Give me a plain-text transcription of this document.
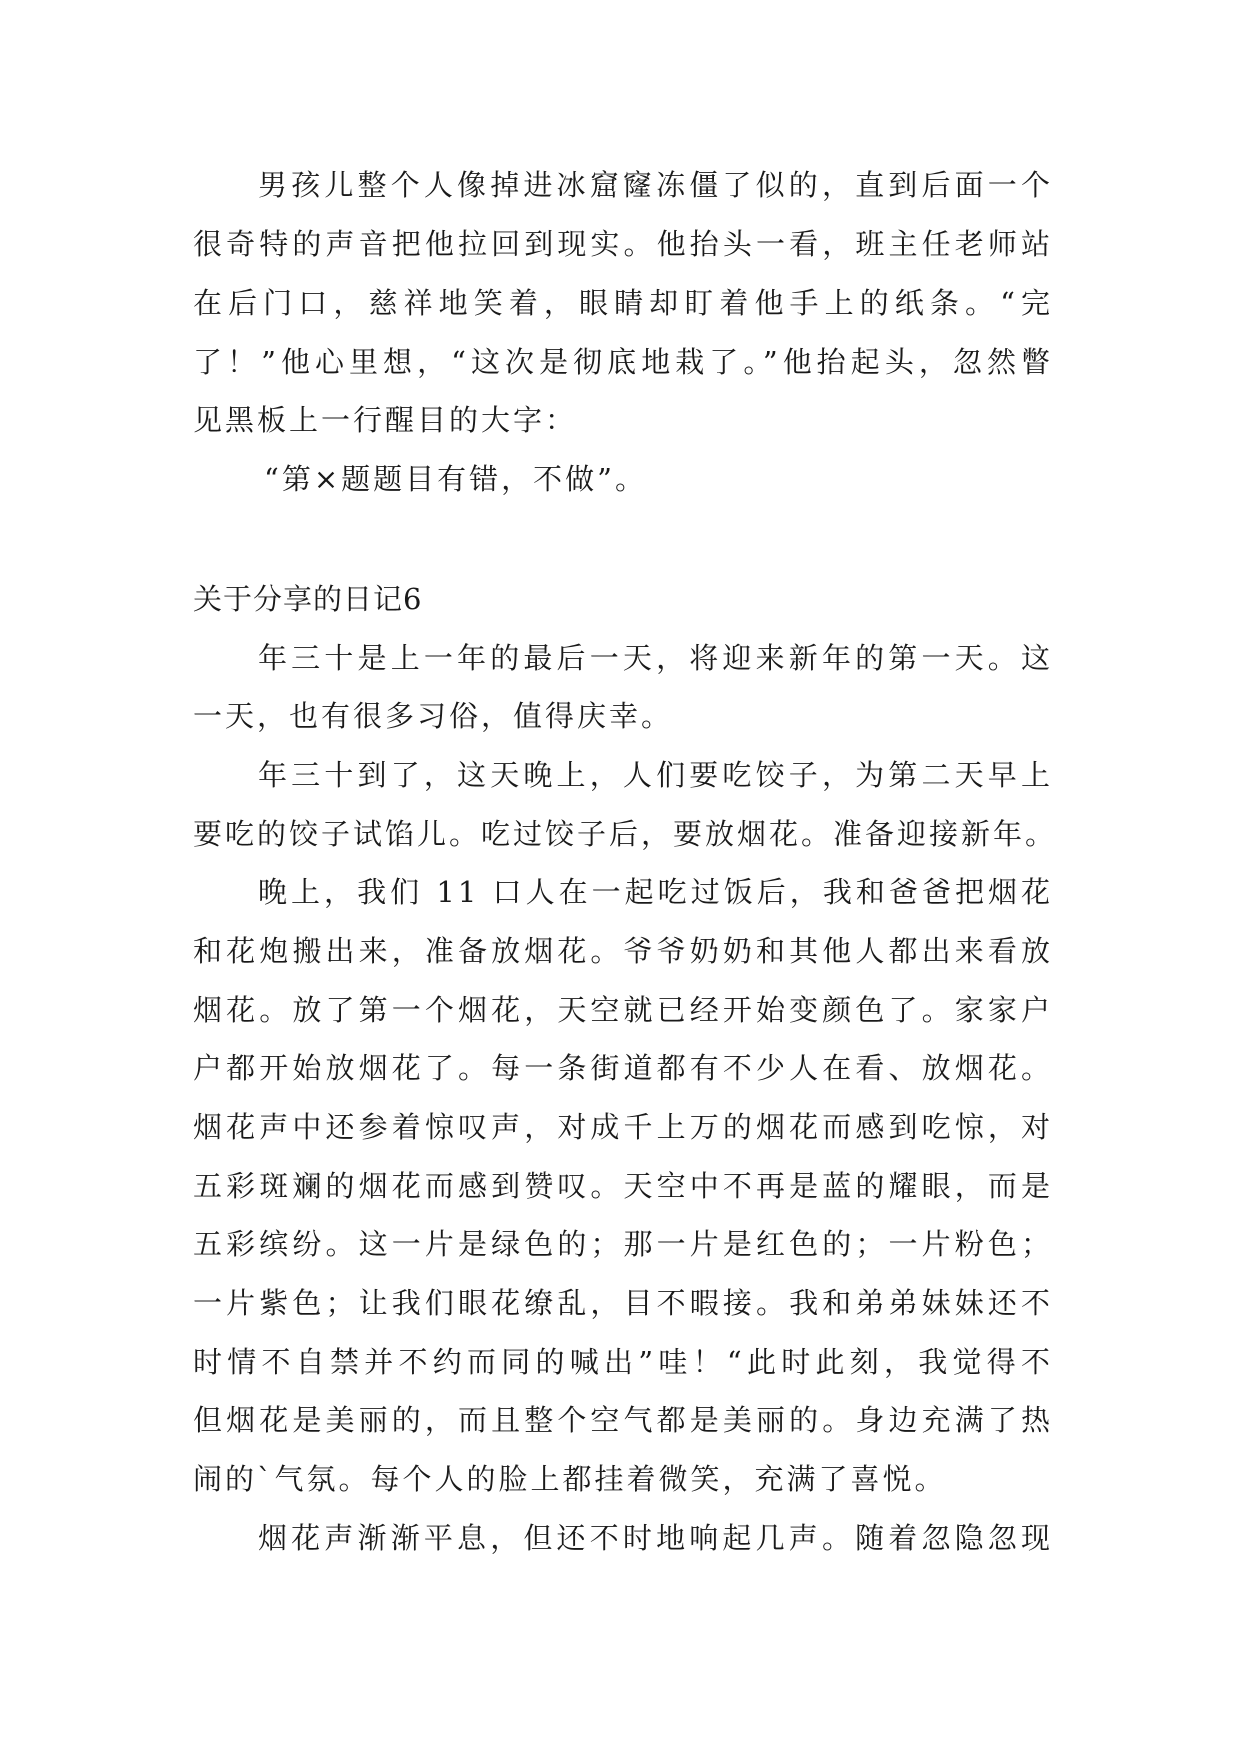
男孩儿整个人像掉进冰窟窿冻僵了似的，直到后面一个
很奇特的声音把他拉回到现实。他抬头一看，班主任老师站
在后门口，慈祥地笑着，眼睛却盯着他手上的纸条。“完
了！”他心里想，“这次是彻底地栽了。”他抬起头，忽然瞥
见黑板上一行醒目的大字：
“第×题题目有错，不做”。
关于分享的日记6
年三十是上一年的最后一天，将迎来新年的第一天。这
一天，也有很多习俗，值得庆幸。
年三十到了，这天晚上，人们要吃饺子，为第二天早上
要吃的饺子试馅儿。吃过饺子后，要放烟花。准备迎接新年。
晚上，我们 11 口人在一起吃过饭后，我和爸爸把烟花
和花炮搬出来，准备放烟花。爷爷奶奶和其他人都出来看放
烟花。放了第一个烟花，天空就已经开始变颜色了。家家户
户都开始放烟花了。每一条街道都有不少人在看、放烟花。
烟花声中还参着惊叹声，对成千上万的烟花而感到吃惊，对
五彩斑斓的烟花而感到赞叹。天空中不再是蓝的耀眼，而是
五彩缤纷。这一片是绿色的；那一片是红色的；一片粉色；
一片紫色；让我们眼花缭乱，目不暇接。我和弟弟妹妹还不
时情不自禁并不约而同的喊出”哇！“此时此刻，我觉得不
但烟花是美丽的，而且整个空气都是美丽的。身边充满了热
闹的`气氛。每个人的脸上都挂着微笑，充满了喜悦。
烟花声渐渐平息，但还不时地响起几声。随着忽隐忽现
